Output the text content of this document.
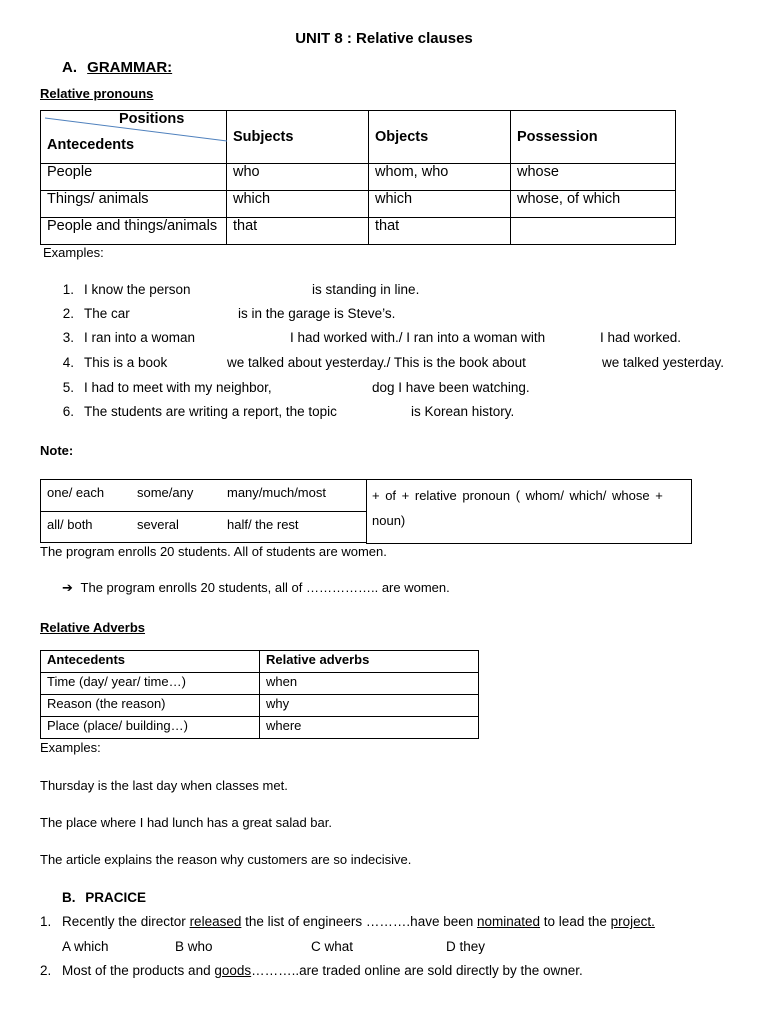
UNIT 8 : Relative clauses
A. GRAMMAR:
Relative pronouns
Positions
Antecedents	Subjects	Objects	Possession
People	who	whom, who	whose
Things/ animals	which	which	whose, of which
People and things/animals	that	that	
Examples:
1. I know the person	is standing in line.
2. The car	is in the garage is Steve’s.
3. I ran into a woman	I had worked with./ I ran into a woman with	I had worked.
4. This is a book	we talked about yesterday./ This is the book about	we talked yesterday.
5. I had to meet with my neighbor,	dog I have been watching.
6. The students are writing a report, the topic	is Korean history.
Note:
one/ each	some/any	many/much/most
all/ both	several	half/ the rest
+ of + relative pronoun ( whom/ which/ whose +
noun)
The program enrolls 20 students. All of students are women.
➔ The program enrolls 20 students, all of …………….. are women.
Relative Adverbs
Antecedents	Relative adverbs
Time (day/ year/ time…)	when
Reason (the reason)	why
Place (place/ building…)	where
Examples:
Thursday is the last day when classes met.
The place where I had lunch has a great salad bar.
The article explains the reason why customers are so indecisive.
B. PRACICE
1. Recently the director released the list of engineers ……….have been nominated to lead the project.
A which	B who	C what	D they
2. Most of the products and goods………..are traded online are sold directly by the owner.
